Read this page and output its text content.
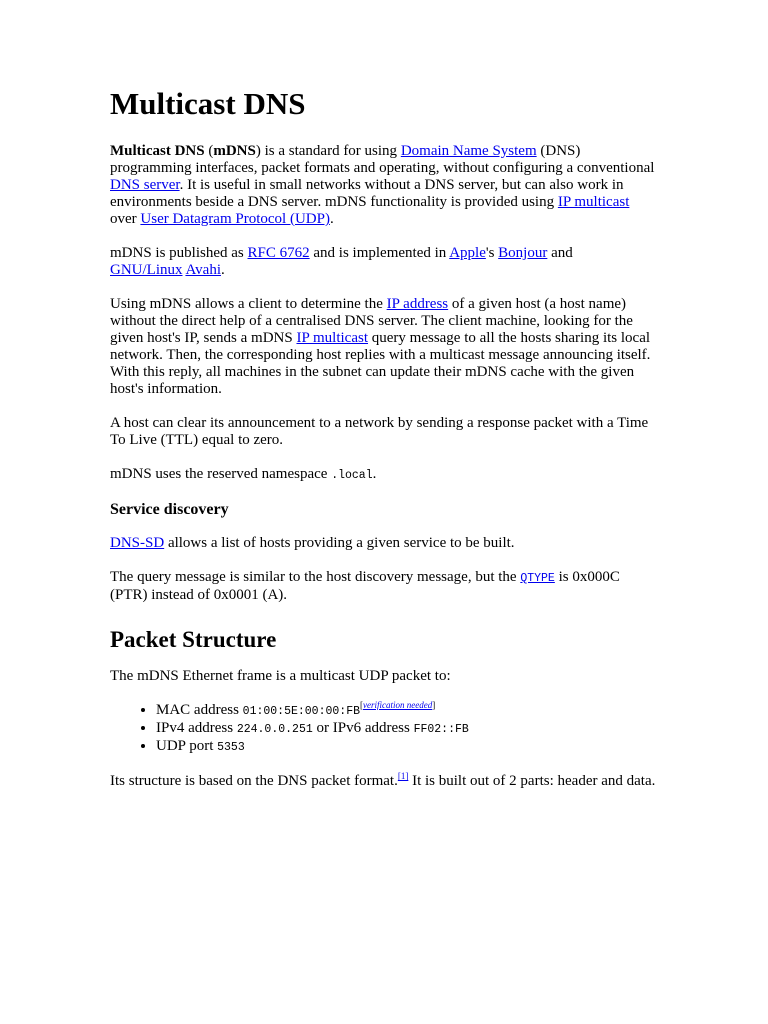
Multicast DNS

Multicast DNS (mDNS) is a standard for using Domain Name System (DNS) programming interfaces, packet formats and operating, without configuring a conventional DNS server. It is useful in small networks without a DNS server, but can also work in environments beside a DNS server. mDNS functionality is provided using IP multicast over User Datagram Protocol (UDP).

mDNS is published as RFC 6762 and is implemented in Apple's Bonjour and
GNU/Linux Avahi.

Using mDNS allows a client to determine the IP address of a given host (a host name) without the direct help of a centralised DNS server. The client machine, looking for the given host's IP, sends a mDNS IP multicast query message to all the hosts sharing its local network. Then, the corresponding host replies with a multicast message announcing itself. With this reply, all machines in the subnet can update their mDNS cache with the given host's information.

A host can clear its announcement to a network by sending a response packet with a Time To Live (TTL) equal to zero.

mDNS uses the reserved namespace .local.

Service discovery

DNS-SD allows a list of hosts providing a given service to be built.

The query message is similar to the host discovery message, but the QTYPE is 0x000C (PTR) instead of 0x0001 (A).

Packet Structure

The mDNS Ethernet frame is a multicast UDP packet to:

• MAC address 01:00:5E:00:00:FB[verification needed]
• IPv4 address 224.0.0.251 or IPv6 address FF02::FB
• UDP port 5353

Its structure is based on the DNS packet format.[1] It is built out of 2 parts: header and data.
